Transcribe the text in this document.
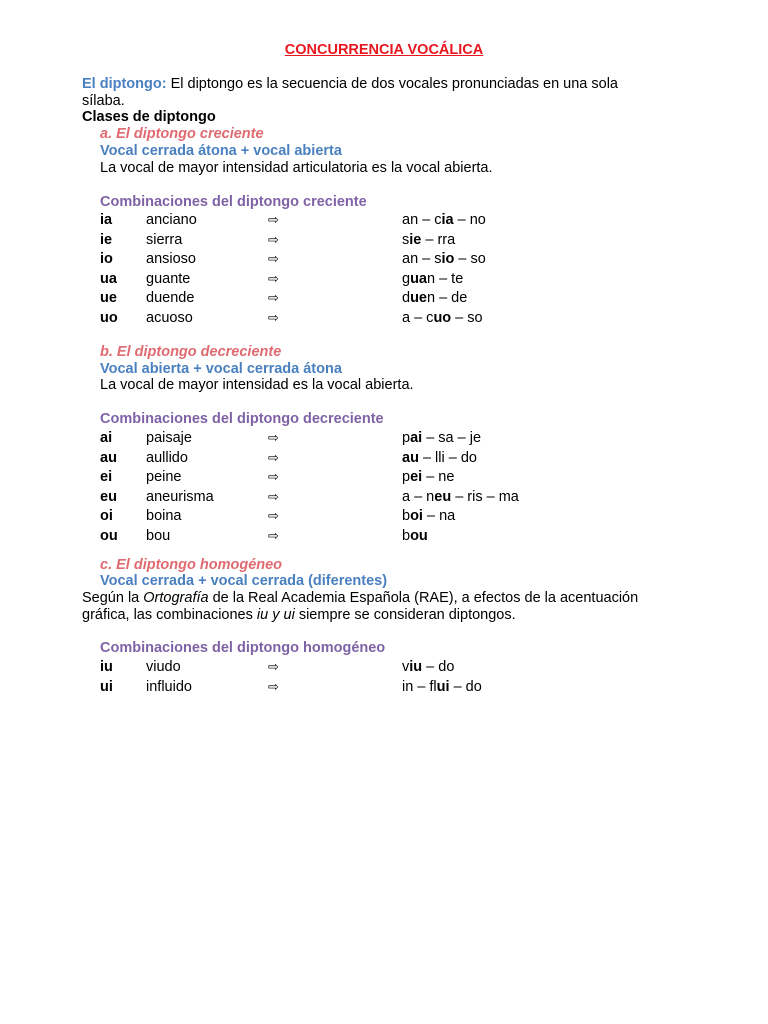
CONCURRENCIA VOCÁLICA
El diptongo: El diptongo es la secuencia de dos vocales pronunciadas en una sola
sílaba.
Clases de diptongo
a. El diptongo creciente
Vocal cerrada átona + vocal abierta
La vocal de mayor intensidad articulatoria es la vocal abierta.
Combinaciones del diptongo creciente
ia anciano	⇨	an – cia – no
ie sierra	⇨	sie – rra
io ansioso	⇨	an – sio – so
ua guante	⇨	guan – te
ue duende	⇨	duen – de
uo acuoso	⇨	a – cuo – so
b. El diptongo decreciente
Vocal abierta + vocal cerrada átona
La vocal de mayor intensidad es la vocal abierta.
Combinaciones del diptongo decreciente
ai paisaje	⇨	pai – sa – je
au aullido	⇨	au – lli – do
ei peine	⇨	pei – ne
eu aneurisma	⇨	a – neu – ris – ma
oi boina	⇨	boi – na
ou bou	⇨	bou
c. El diptongo homogéneo
Vocal cerrada + vocal cerrada (diferentes)
Según la Ortografía de la Real Academia Española (RAE), a efectos de la acentuación
gráfica, las combinaciones iu y ui siempre se consideran diptongos.
Combinaciones del diptongo homogéneo
iu viudo	⇨	viu – do
ui influido	⇨	in – flui – do
